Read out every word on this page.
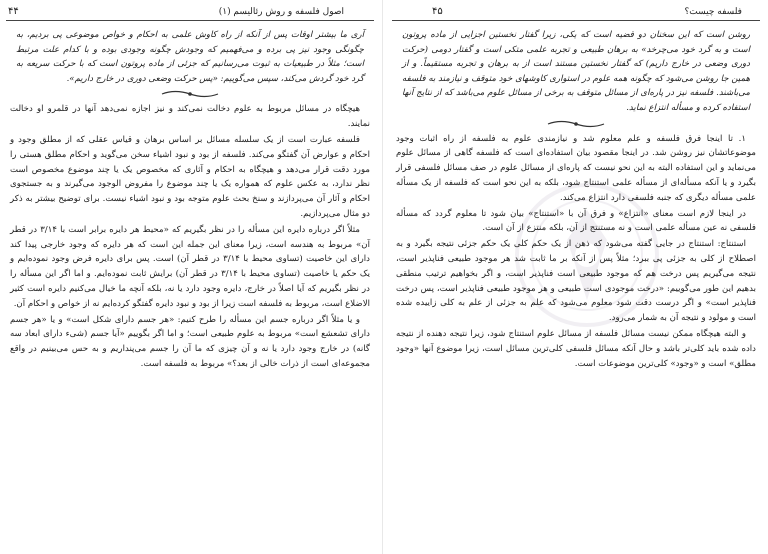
۴۴	اصول فلسفه و روش رئالیسم (۱)

آری ما بیشتر اوقات پس از آنکه از راه کاوش علمی به احکام و خواص موضوعی پی بردیم، به چگونگی وجود نیز پی برده و می‌فهمیم که وجودش چگونه وجودی بوده و با کدام علت مرتبط است؛ مثلاً در طبیعیات به ثبوت می‌رسانیم که جزئی از ماده پروتون است که با حرکت سریعه به گرد خود گردش می‌کند، سپس می‌گوییم: «پس حرکت وضعی دوری در خارج داریم».

هیچگاه در مسائل مربوط به علوم دخالت نمی‌کند و نیز اجازه نمی‌دهد آنها در قلمرو او دخالت نمایند.

فلسفه عبارت است از یک سلسله مسائل بر اساس برهان و قیاس عقلی که از مطلق وجود و احکام و عوارض آن گفتگو می‌کند. فلسفه از بود و نبود اشیاء سخن می‌گوید و احکام مطلق هستی را مورد دقت قرار می‌دهد و هیچگاه به احکام و آثاری که مخصوص یک یا چند موضوع مخصوص است نظر ندارد، به عکس علوم که همواره یک یا چند موضوع را مفروض الوجود می‌گیرند و به جستجوی احکام و آثار آن می‌پردازند و سنخ بحث علوم متوجه بود و نبود اشیاء نیست. برای توضیح بیشتر به ذکر دو مثال می‌پردازیم.

مثلاً اگر درباره دایره این مسأله را در نظر بگیریم که «محیط هر دایره برابر است با ۳/۱۴ در قطر آن» مربوط به هندسه است، زیرا معنای این جمله این است که هر دایره که وجود خارجی پیدا کند دارای این خاصیت (تساوی محیط با ۳/۱۴ در قطر آن) است. پس برای دایره فرض وجود نموده‌ایم و یک حکم یا خاصیت (تساوی محیط با ۳/۱۴ در قطر آن) برایش ثابت نموده‌ایم. و اما اگر این مسأله را در نظر بگیریم که آیا اصلاً در خارج، دایره وجود دارد یا نه، بلکه آنچه ما خیال می‌کنیم دایره است کثیر الاضلاع است، مربوط به فلسفه است زیرا از بود و نبود دایره گفتگو کرده‌ایم نه از خواص و احکام آن.

و یا مثلاً اگر درباره جسم این مسأله را طرح کنیم: «هر جسم دارای شکل است» و یا «هر جسم دارای تشعشع است» مربوط به علوم طبیعی است؛ و اما اگر بگوییم «آیا جسم (شیء دارای ابعاد سه گانه) در خارج وجود دارد یا نه و آن چیزی که ما آن را جسم می‌پنداریم و به حس می‌بینیم در واقع مجموعه‌ای است از ذرات خالی از بعد؟» مربوط به فلسفه است.

۴۵	فلسفه چیست؟

روشن است که این سخنان دو قضیه است که یکی، زیرا گفتار نخستین اجزایی از ماده پروتون است و به گرد خود می‌چرخد» به برهان طبیعی و تجربه علمی متکی است و گفتار دومی (حرکت دوری وضعی در خارج داریم) که گفتار نخستین مستند است از به برهان و تجربه مستقیماً. و از همین جا روشن می‌شود که چگونه همه علوم در استواری کاوشهای خود متوقف و نیازمند به فلسفه می‌باشند. فلسفه نیز در پاره‌ای از مسائل متوقف به برخی از مسائل علوم می‌باشد که از نتایج آنها استفاده کرده و مسأله انتزاع نماید.

۱. تا اینجا فرق فلسفه و علم معلوم شد و نیازمندی علوم به فلسفه از راه اثبات وجود موضوعاتشان نیز روشن شد. در اینجا مقصود بیان استفاده‌ای است که فلسفه گاهی از مسائل علوم می‌نماید و این استفاده البته به این نحو نیست که پاره‌ای از مسائل علوم در صف مسائل فلسفی قرار بگیرد و یا آنکه مسأله‌ای از مسأله علمی استنتاج شود، بلکه به این نحو است که فلسفه از یک مسأله علمی مسأله دیگری که جنبه فلسفی دارد انتزاع می‌کند.

در اینجا لازم است معنای «انتزاع» و فرق آن با «استنتاج» بیان شود تا معلوم گردد که مسأله فلسفی نه عین مسأله علمی است و نه مستنتج از آن، بلکه منتزع از آن است.

استنتاج: استنتاج در جایی گفته می‌شود که ذهن از یک حکم کلی یک حکم جزئی نتیجه بگیرد و به اصطلاح از کلی به جزئی پی ببرد؛ مثلاً پس از آنکه بر ما ثابت شد هر موجود طبیعی فناپذیر است، نتیجه می‌گیریم پس درخت هم که موجود طبیعی است فناپذیر است، و اگر بخواهیم ترتیب منطقی بدهیم این طور می‌گوییم: «درخت موجودی است طبیعی و هر موجود طبیعی فناپذیر است، پس درخت فناپذیر است» و اگر درست دقت شود معلوم می‌شود که علم به جزئی از علم به کلی زاییده شده است و مولود و نتیجه آن به شمار می‌رود.

و البته هیچگاه ممکن نیست مسائل فلسفه از مسائل علوم استنتاج شود، زیرا نتیجه دهنده از نتیجه داده شده باید کلی‌تر باشد و حال آنکه مسائل فلسفی کلی‌ترین مسائل است، زیرا موضوع آنها «وجود مطلق» است و «وجود» کلی‌ترین موضوعات است.
